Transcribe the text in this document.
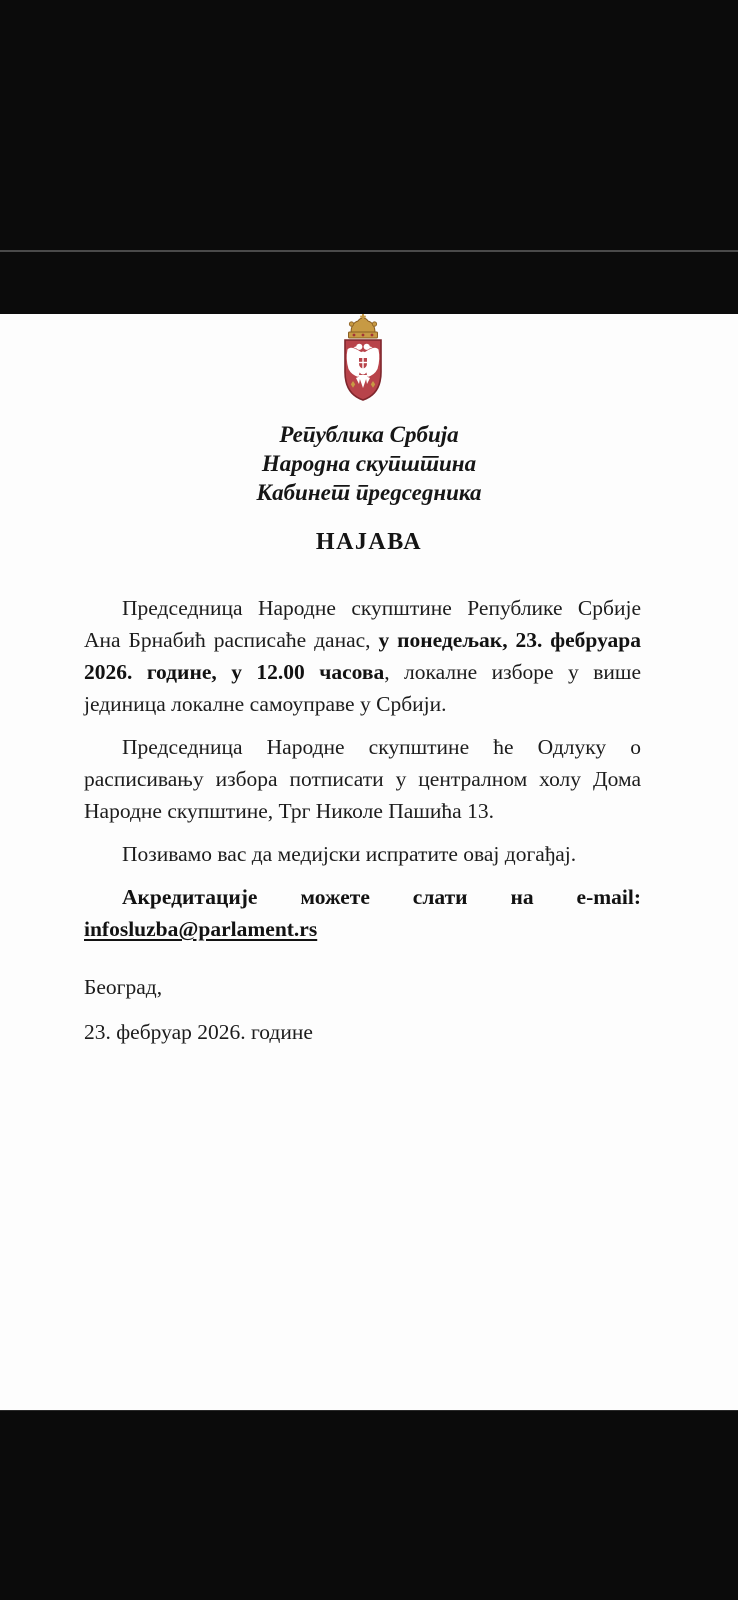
Република Србија
Народна скупштина
Кабинет председника
НАЈАВА

Председница Народне скупштине Републике Србије Ана Брнабић расписаће данас, у понедељак, 23. фебруара 2026. године, у 12.00 часова, локалне изборе у више јединица локалне самоуправе у Србији.

Председница Народне скупштине ће Одлуку о расписивању избора потписати у централном холу Дома Народне скупштине, Трг Николе Пашића 13.

Позивамо вас да медијски испратите овај догађај.

Акредитације можете слати на e-mail: infosluzba@parlament.rs

Београд,

23. фебруар 2026. године
